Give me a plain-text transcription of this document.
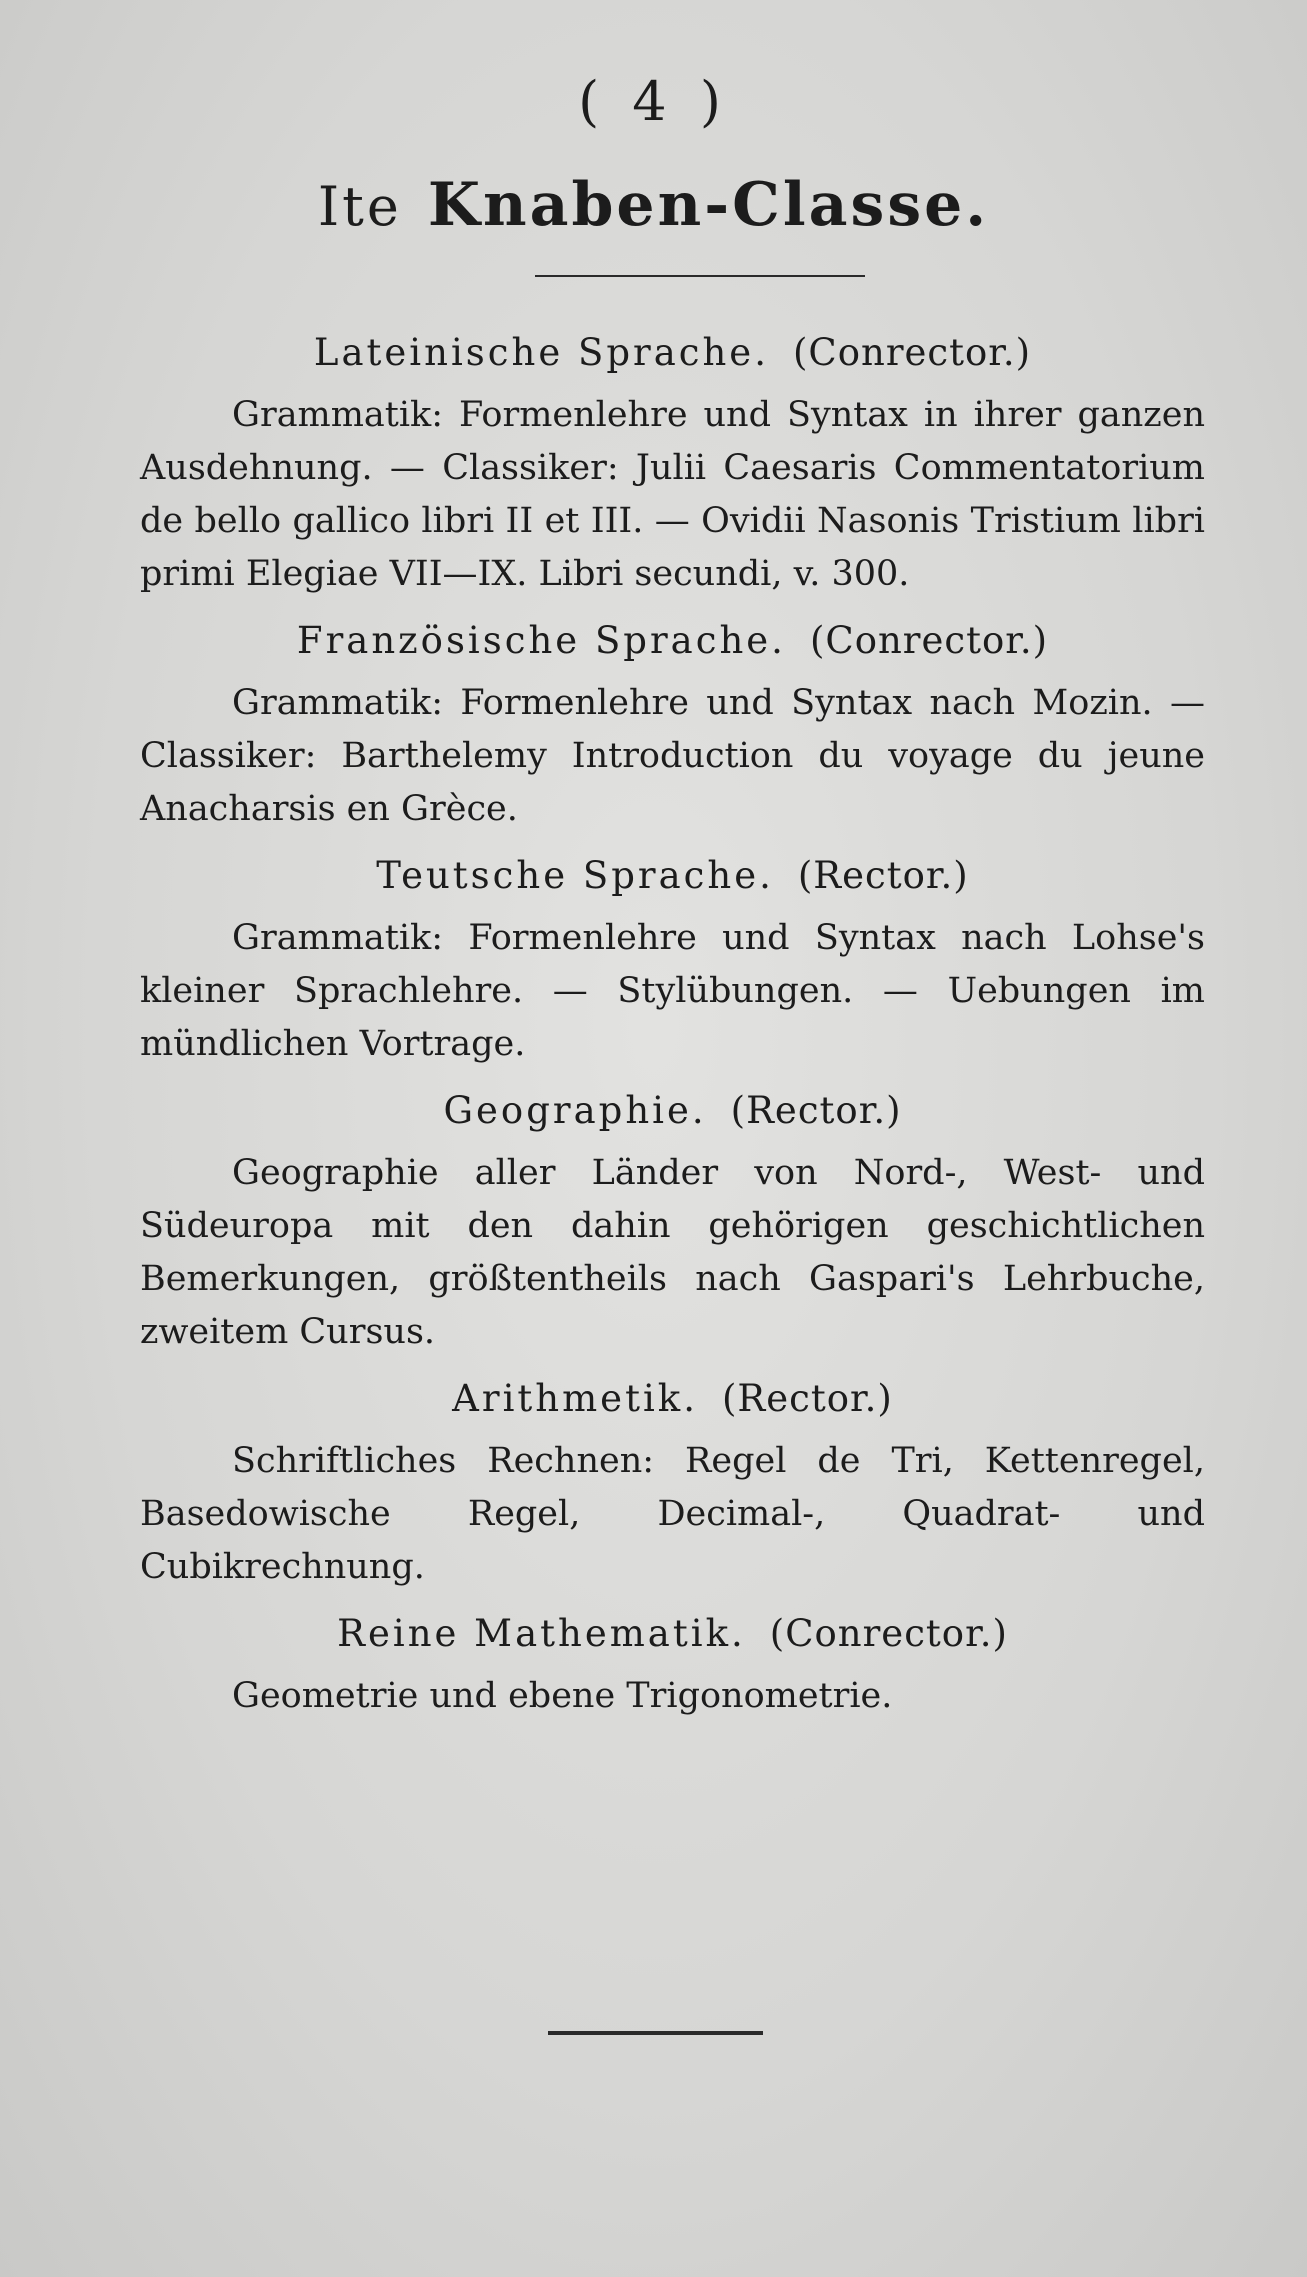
( 4 )
Ite Knaben-Classe.
Lateinische Sprache. (Conrector.)
Grammatik: Formenlehre und Syntax in ihrer ganzen Ausdehnung. — Classiker: Julii Caesaris Commentatorium de bello gallico libri II et III. — Ovidii Nasonis Tristium libri primi Elegiae VII—IX. Libri secundi, v. 300.
Französische Sprache. (Conrector.)
Grammatik: Formenlehre und Syntax nach Mozin. — Classiker: Barthelemy Introduction du voyage du jeune Anacharsis en Grèce.
Teutsche Sprache. (Rector.)
Grammatik: Formenlehre und Syntax nach Lohse's kleiner Sprachlehre. — Stylübungen. — Uebungen im mündlichen Vortrage.
Geographie. (Rector.)
Geographie aller Länder von Nord-, West- und Südeuropa mit den dahin gehörigen geschichtlichen Bemerkungen, größtentheils nach Gaspari's Lehrbuche, zweitem Cursus.
Arithmetik. (Rector.)
Schriftliches Rechnen: Regel de Tri, Kettenregel, Basedowische Regel, Decimal-, Quadrat- und Cubikrechnung.
Reine Mathematik. (Conrector.)
Geometrie und ebene Trigonometrie.
